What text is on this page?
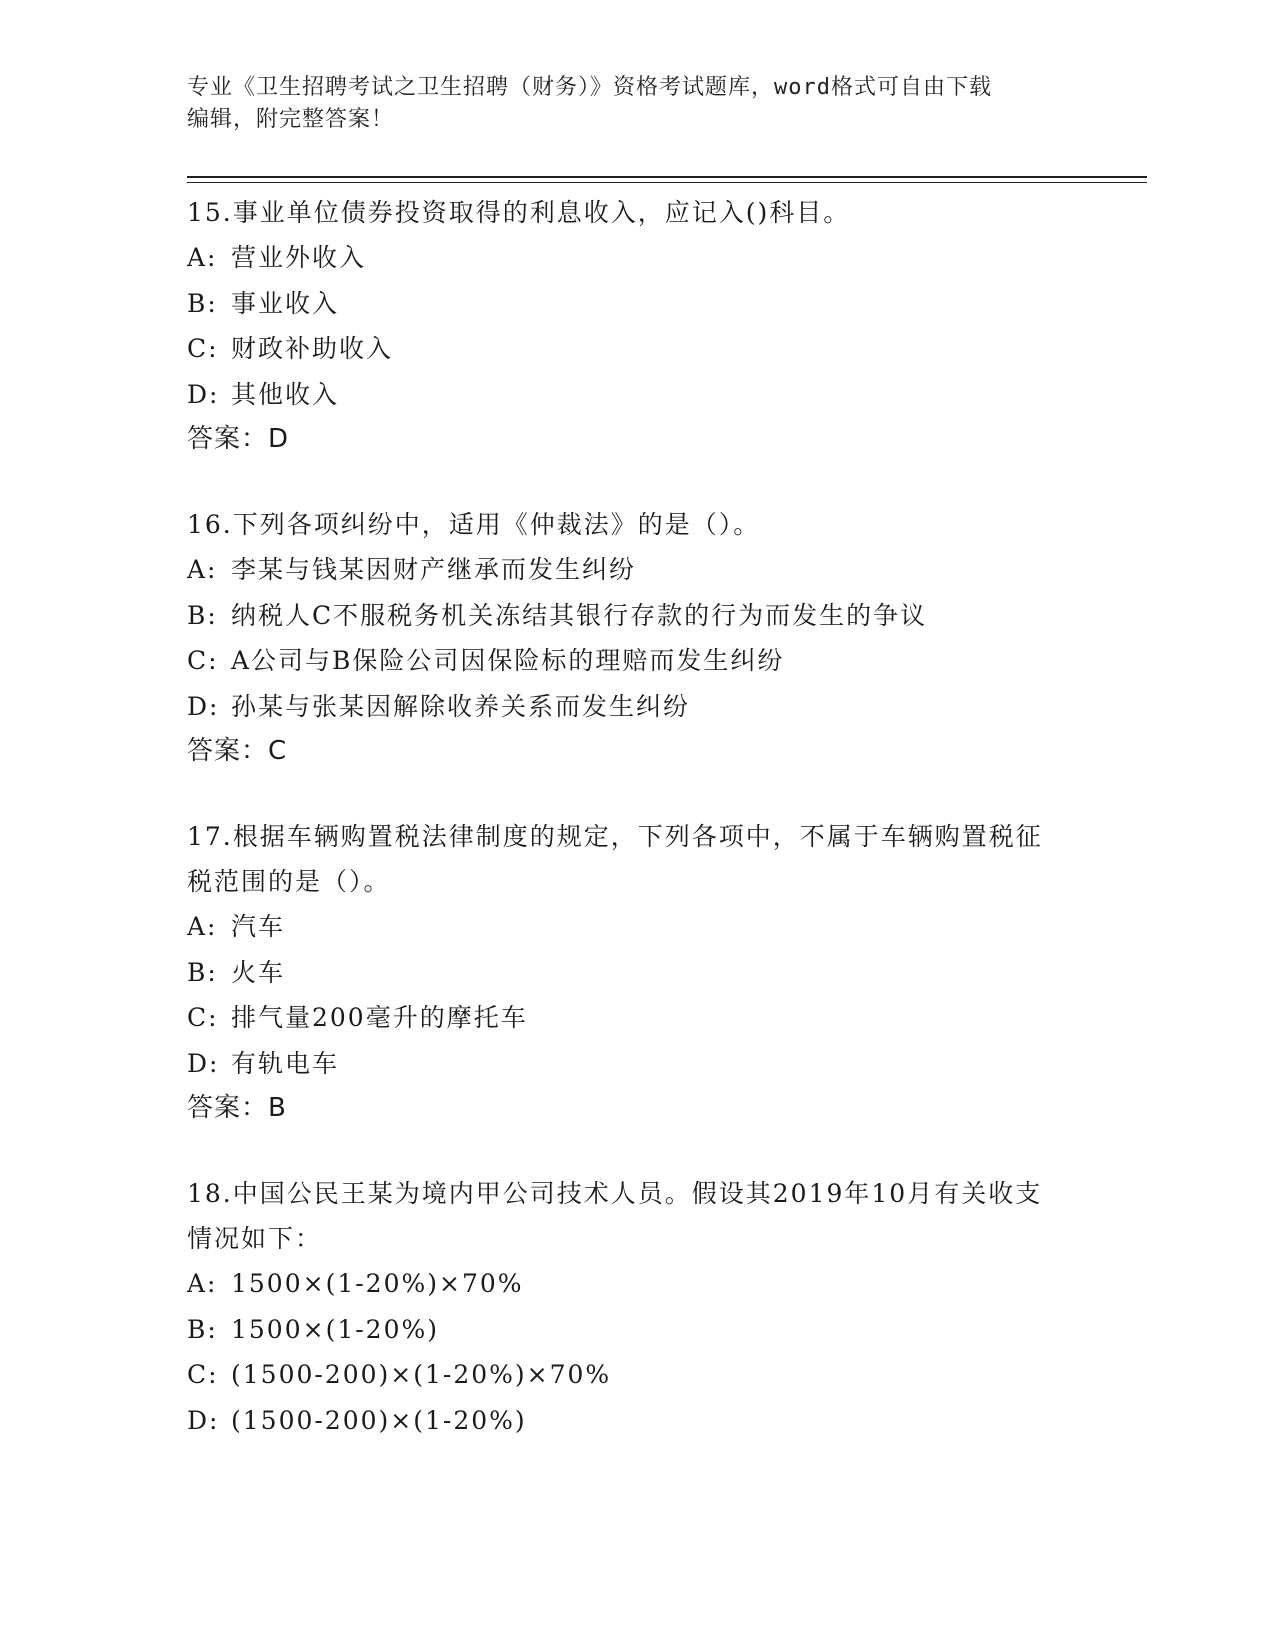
专业《卫生招聘考试之卫生招聘（财务）》资格考试题库，word格式可自由下载
编辑，附完整答案！
15.事业单位债券投资取得的利息收入，应记入()科目。
A: 营业外收入
B: 事业收入
C: 财政补助收入
D: 其他收入
答案：D
16.下列各项纠纷中，适用《仲裁法》的是（）。
A: 李某与钱某因财产继承而发生纠纷
B: 纳税人C不服税务机关冻结其银行存款的行为而发生的争议
C: A公司与B保险公司因保险标的理赔而发生纠纷
D: 孙某与张某因解除收养关系而发生纠纷
答案：C
17.根据车辆购置税法律制度的规定，下列各项中，不属于车辆购置税征税范围的是（）。
A: 汽车
B: 火车
C: 排气量200毫升的摩托车
D: 有轨电车
答案：B
18.中国公民王某为境内甲公司技术人员。假设其2019年10月有关收支情况如下：
A: 1500×(1-20%)×70%
B: 1500×(1-20%)
C: (1500-200)×(1-20%)×70%
D: (1500-200)×(1-20%)
